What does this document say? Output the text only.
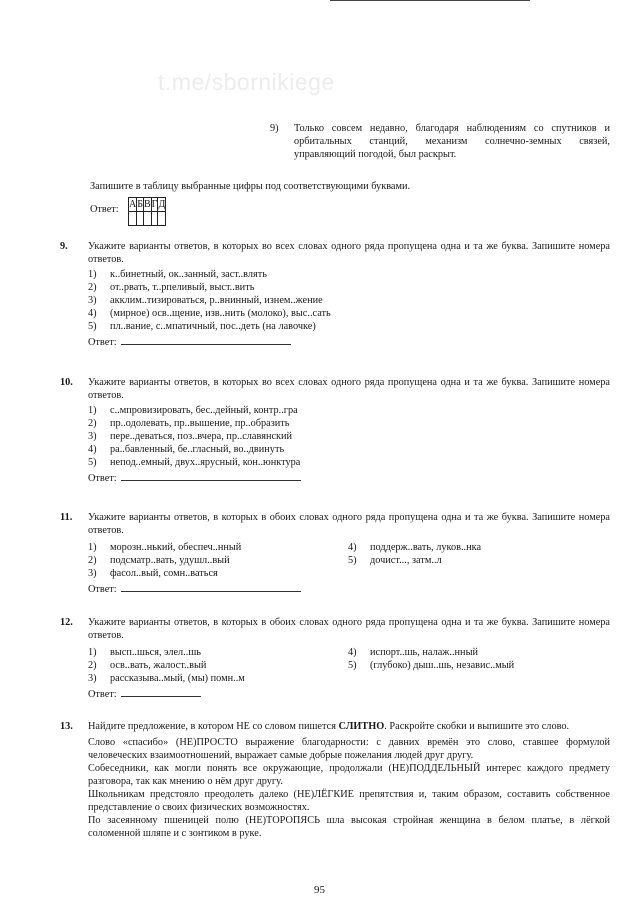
t.me/sbornikiege
9) Только совсем недавно, благодаря наблюдениям со спутников и орбитальных станций, механизм солнечно-земных связей, управляющий погодой, был раскрыт.
Запишите в таблицу выбранные цифры под соответствующими буквами.
Ответ: А	Б	В	Г	Д

9. Укажите варианты ответов, в которых во всех словах одного ряда пропущена одна и та же буква. Запишите номера ответов.

1) к..бинетный, ок..занный, заст..влять
2) от..рвать, т..рпеливый, выст..вить
3) акклим..тизироваться, р..внинный, изнем..жение
4) (мирное) осв..щение, изв..нить (молоко), выс..сать
5) пл..вание, с..мпатичный, пос..деть (на лавочке)
Ответ:
10. Укажите варианты ответов, в которых во всех словах одного ряда пропущена одна и та же буква. Запишите номера ответов.

1) с..мпровизировать, бес..дейный, контр..гра
2) пр..одолевать, пр..вышение, пр..образить
3) пере..деваться, поз..вчера, пр..славянский
4) ра..бавленный, бе..гласный, во..двинуть
5) непод..емный, двух..ярусный, кон..юнктура
Ответ:
11. Укажите варианты ответов, в которых в обоих словах одного ряда пропущена одна и та же буква. Запишите номера ответов.

1) морозн..нький, обеспеч..нный
2) подсматр..вать, удушл..вый
3) фасол..вый, сомн..ваться
4) поддерж..вать, луков..нка
5) дочист..., затм..л
Ответ:
12. Укажите варианты ответов, в которых в обоих словах одного ряда пропущена одна и та же буква. Запишите номера ответов.

1) высп..шься, элел..шь
2) осв..вать, жалост..вый
3) рассказыва..мый, (мы) помн..м
4) испорт..шь, налаж..нный
5) (глубоко) дыш..шь, независ..мый
Ответ:
13. Найдите предложение, в котором НЕ со словом пишется СЛИТНО. Раскройте скобки и выпишите это слово.

Слово «спасибо» (НЕ)ПРОСТО выражение благодарности: с давних времён это слово, ставшее формулой человеческих взаимоотношений, выражает самые добрые пожелания людей друг другу.

Собеседники, как могли понять все окружающие, продолжали (НЕ)ПОДДЕЛЬНЫЙ интерес каждого предмету разговора, так как мнению о нём друг другу.

Школьникам предстояло преодолеть далеко (НЕ)ЛЁГКИЕ препятствия и, таким образом, составить собственное представление о своих физических возможностях.

По засеянному пшеницей полю (НЕ)ТОРОПЯСЬ шла высокая стройная женщина в белом платье, в лёгкой соломенной шляпе и с зонтиком в руке.

95
